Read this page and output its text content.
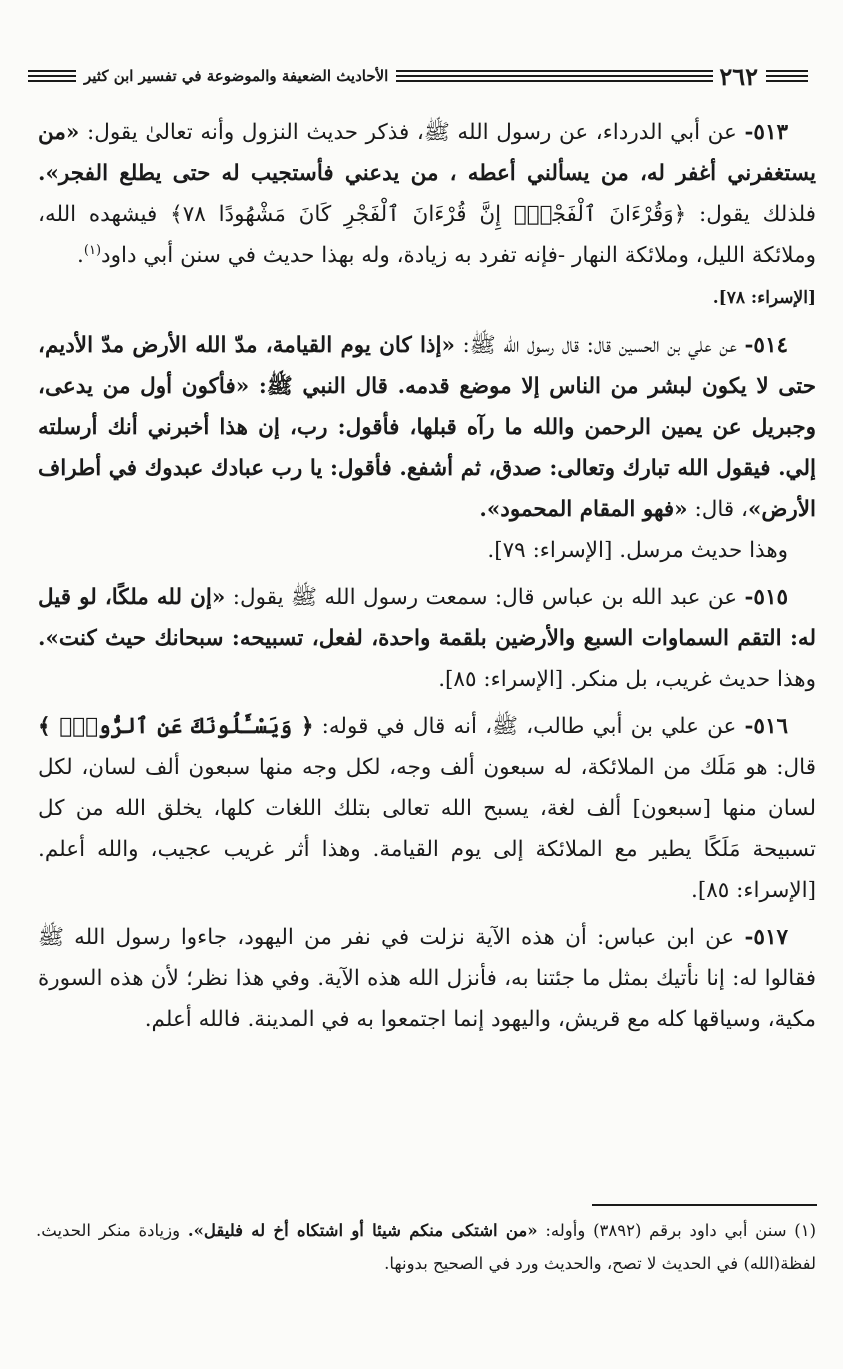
٢٦٢
الأحاديث الضعيفة والموضوعة في تفسير ابن كثير

٥١٣- عن أبي الدرداء، عن رسول الله ﷺ، فذكر حديث النزول وأنه تعالىٰ يقول: «من يستغفرني أغفر له، من يسألني أعطه ، من يدعني فأستجيب له حتى يطلع الفجر». فلذلك يقول: ﴿وَقُرْءَانَ ٱلْفَجْرِۖ إِنَّ قُرْءَانَ ٱلْفَجْرِ كَانَ مَشْهُودًا ٧٨﴾ فيشهده الله، وملائكة الليل، وملائكة النهار -فإنه تفرد به زيادة، وله بهذا حديث في سنن أبي داود$^{(١)}$.

[الإسراء: ٧٨].

٥١٤- عن علي بن الحسين قال: قال رسول الله ﷺ: «إذا كان يوم القيامة، مدّ الله الأرض مدّ الأديم، حتى لا يكون لبشر من الناس إلا موضع قدمه. قال النبي ﷺ: «فأكون أول من يدعى، وجبريل عن يمين الرحمن والله ما رآه قبلها، فأقول: رب، إن هذا أخبرني أنك أرسلته إلي. فيقول الله تبارك وتعالى: صدق، ثم أشفع. فأقول: يا رب عبادك عبدوك في أطراف الأرض»، قال: «فهو المقام المحمود».

وهذا حديث مرسل. [الإسراء: ٧٩].

٥١٥- عن عبد الله بن عباس قال: سمعت رسول الله ﷺ يقول: «إن لله ملكًا، لو قيل له: التقم السماوات السبع والأرضين بلقمة واحدة، لفعل، تسبيحه: سبحانك حيث كنت». وهذا حديث غريب، بل منكر. [الإسراء: ٨٥].

٥١٦- عن علي بن أبي طالب، ﷺ، أنه قال في قوله: ﴿ وَيَسْـَٔلُونَكَ عَنِ ٱلرُّوحِۖ ﴾ قال: هو مَلَك من الملائكة، له سبعون ألف وجه، لكل وجه منها سبعون ألف لسان، لكل لسان منها [سبعون] ألف لغة، يسبح الله تعالى بتلك اللغات كلها، يخلق الله من كل تسبيحة مَلَكًا يطير مع الملائكة إلى يوم القيامة. وهذا أثر غريب عجيب، والله أعلم. [الإسراء: ٨٥].

٥١٧- عن ابن عباس: أن هذه الآية نزلت في نفر من اليهود، جاءوا رسول الله ﷺ فقالوا له: إنا نأتيك بمثل ما جئتنا به، فأنزل الله هذه الآية. وفي هذا نظر؛ لأن هذه السورة مكية، وسياقها كله مع قريش، واليهود إنما اجتمعوا به في المدينة. فالله أعلم.

(١) سنن أبي داود برقم (٣٨٩٢) وأوله: «من اشتكى منكم شيئا أو اشتكاه أخ له فليقل». وزيادة منكر الحديث. لفظة(الله) في الحديث لا تصح، والحديث ورد في الصحيح بدونها.
